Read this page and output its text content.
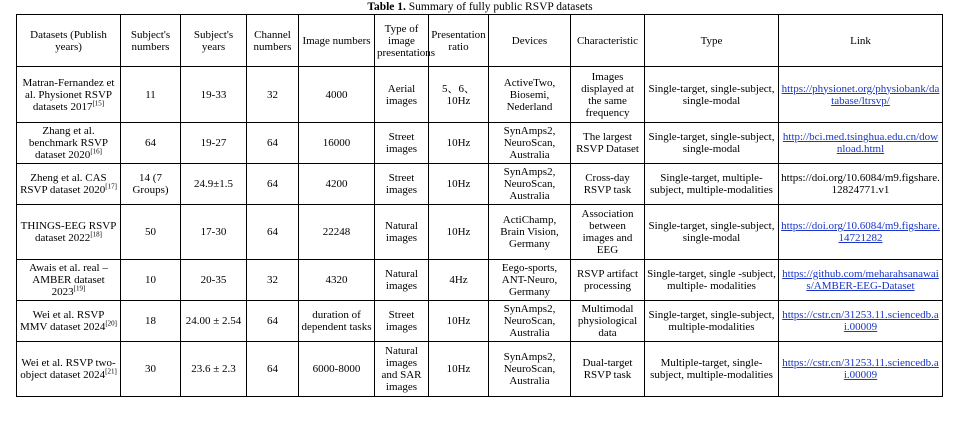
Table 1. Summary of fully public RSVP datasets
Datasets (Publish years)	Subject's numbers	Subject's years	Channel numbers	Image numbers	Type of image presentations	Presentation ratio	Devices	Characteristic	Type	Link
Matran-Fernandez et al. Physionet RSVP datasets 2017[15]	11	19-33	32	4000	Aerial images	5、6、10Hz	ActiveTwo, Biosemi, Nederland	Images displayed at the same frequency	Single-target, single-subject, single-modal	https://physionet.org/physiobank/database/ltrsvp/
Zhang et al. benchmark RSVP dataset 2020[16]	64	19-27	64	16000	Street images	10Hz	SynAmps2, NeuroScan, Australia	The largest RSVP Dataset	Single-target, single-subject, single-modal	http://bci.med.tsinghua.edu.cn/download.html
Zheng et al. CAS RSVP dataset 2020[17]	14 (7 Groups)	24.9±1.5	64	4200	Street images	10Hz	SynAmps2, NeuroScan, Australia	Cross-day RSVP task	Single-target, multiple-subject, multiple-modalities	https://doi.org/10.6084/m9.figshare.12824771.v1
THINGS-EEG RSVP dataset 2022[18]	50	17-30	64	22248	Natural images	10Hz	ActiChamp, Brain Vision, Germany	Association between images and EEG	Single-target, single-subject, single-modal	https://doi.org/10.6084/m9.figshare.14721282
Awais et al. real – AMBER dataset 2023[19]	10	20-35	32	4320	Natural images	4Hz	Eego-sports, ANT-Neuro, Germany	RSVP artifact processing	Single-target, single -subject, multiple- modalities	https://github.com/meharahsanawais/AMBER-EEG-Dataset
Wei et al. RSVP MMV dataset 2024[20]	18	24.00 ± 2.54	64	duration of dependent tasks	Street images	10Hz	SynAmps2, NeuroScan, Australia	Multimodal physiological data	Single-target, single-subject, multiple-modalities	https://cstr.cn/31253.11.sciencedb.ai.00009
Wei et al. RSVP two-object dataset 2024[21]	30	23.6 ± 2.3	64	6000-8000	Natural images and SAR images	10Hz	SynAmps2, NeuroScan, Australia	Dual-target RSVP task	Multiple-target, single-subject, multiple-modalities	https://cstr.cn/31253.11.sciencedb.ai.00009
